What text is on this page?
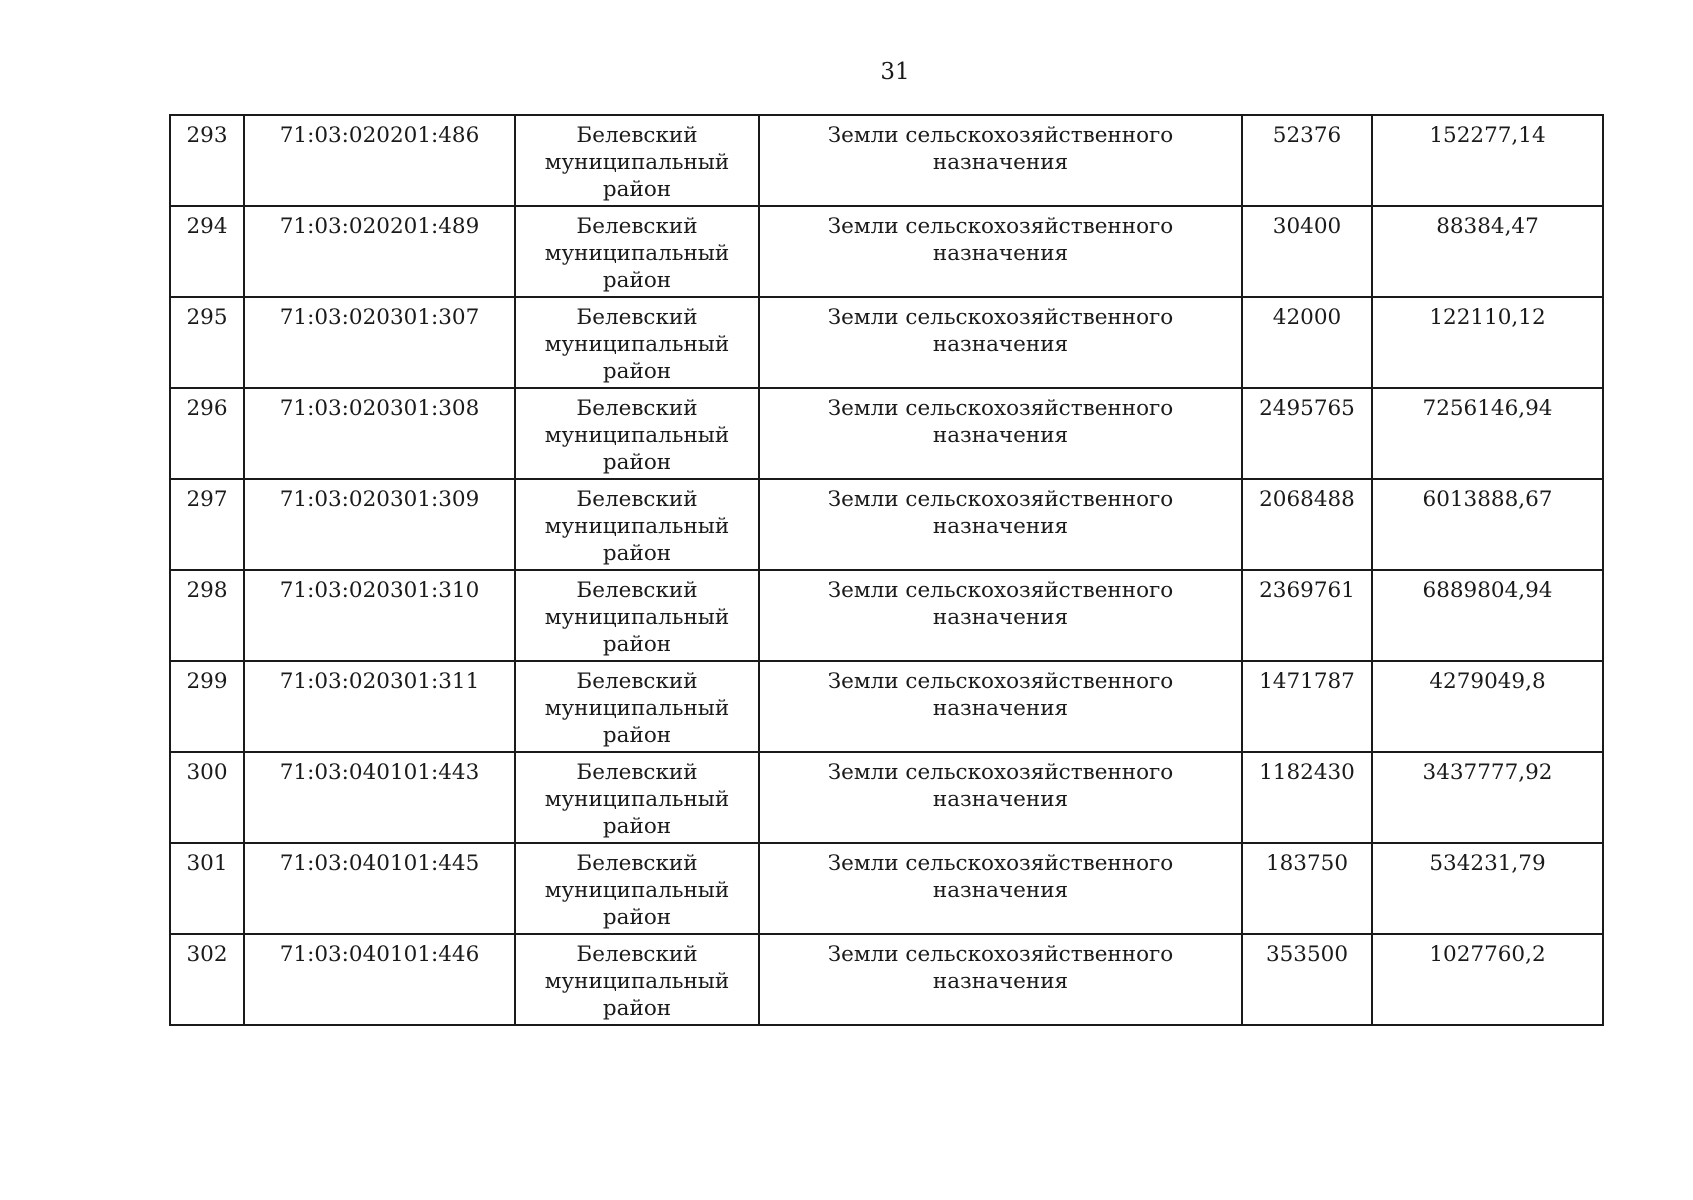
31
293	71:03:020201:486	Белевский муниципальный район	Земли сельскохозяйственного назначения	52376	152277,14
294	71:03:020201:489	Белевский муниципальный район	Земли сельскохозяйственного назначения	30400	88384,47
295	71:03:020301:307	Белевский муниципальный район	Земли сельскохозяйственного назначения	42000	122110,12
296	71:03:020301:308	Белевский муниципальный район	Земли сельскохозяйственного назначения	2495765	7256146,94
297	71:03:020301:309	Белевский муниципальный район	Земли сельскохозяйственного назначения	2068488	6013888,67
298	71:03:020301:310	Белевский муниципальный район	Земли сельскохозяйственного назначения	2369761	6889804,94
299	71:03:020301:311	Белевский муниципальный район	Земли сельскохозяйственного назначения	1471787	4279049,8
300	71:03:040101:443	Белевский муниципальный район	Земли сельскохозяйственного назначения	1182430	3437777,92
301	71:03:040101:445	Белевский муниципальный район	Земли сельскохозяйственного назначения	183750	534231,79
302	71:03:040101:446	Белевский муниципальный район	Земли сельскохозяйственного назначения	353500	1027760,2
